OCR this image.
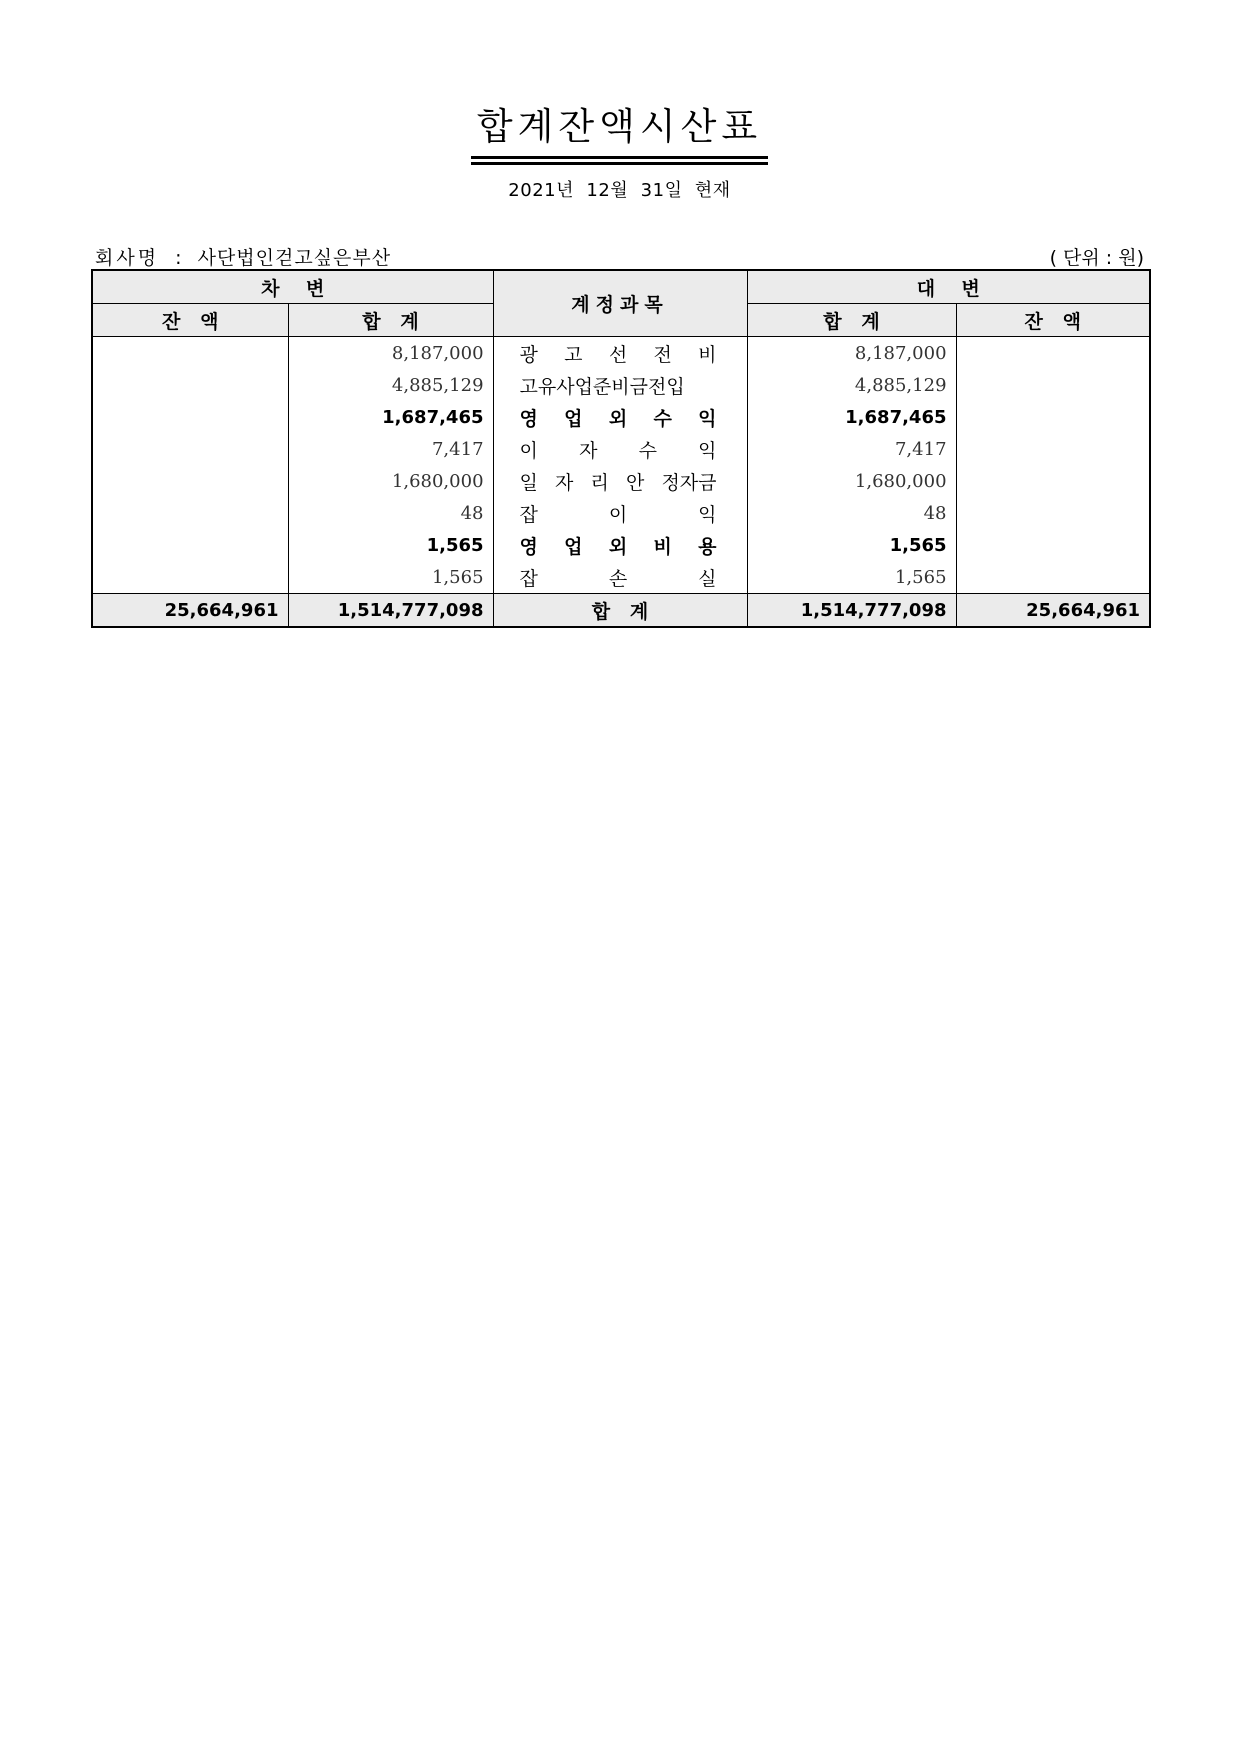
합계잔액시산표
2021년  12월  31일  현재
회사명 : 사단법인걷고싶은부산	( 단위 : 원)
차    변		계정과목	대    변	
잔   액	합   계		합   계	잔   액
	8,187,000	광 고 선 전 비	8,187,000	
	4,885,129	고유사업준비금전입	4,885,129	
	1,687,465	영 업 외 수 익	1,687,465	
	7,417	이 자 수 익	7,417	
	1,680,000	일 자 리 안 정자금	1,680,000	
	48	잡 이 익	48	
	1,565	영 업 외 비 용	1,565	
	1,565	잡 손 실	1,565	
25,664,961	1,514,777,098	합   계	1,514,777,098	25,664,961
